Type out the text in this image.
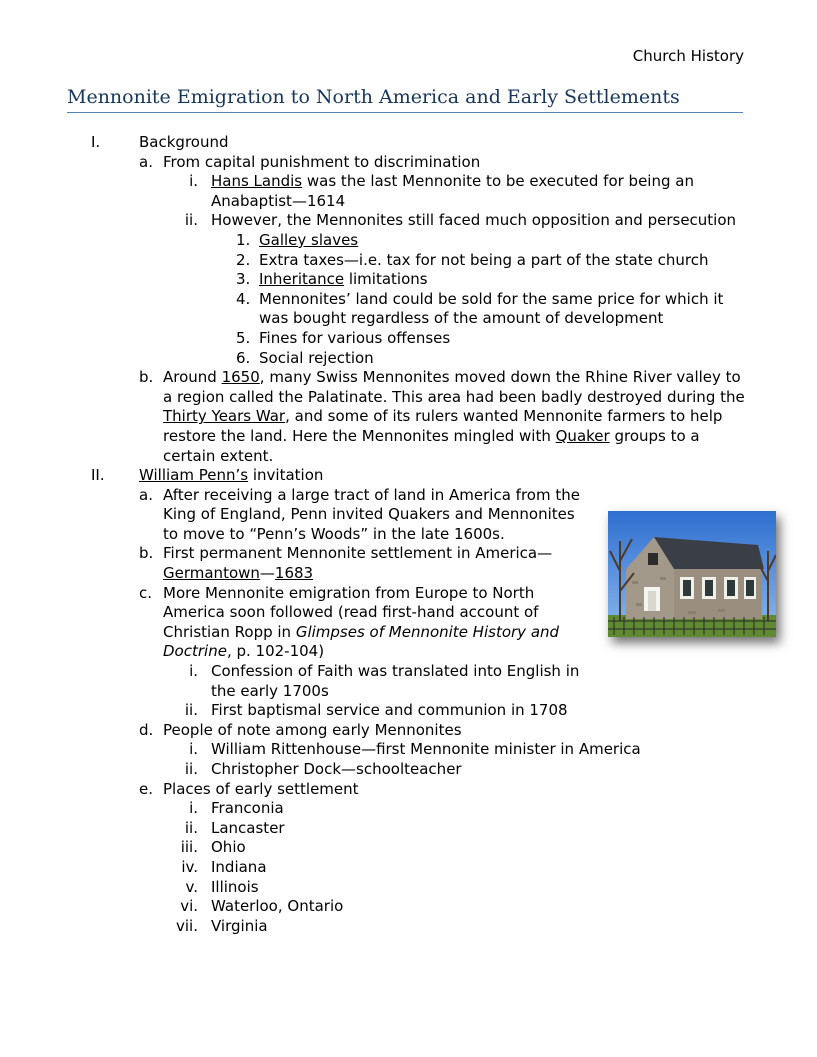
Church History
Mennonite Emigration to North America and Early Settlements
I.	Background
a. From capital punishment to discrimination
i. Hans Landis was the last Mennonite to be executed for being an Anabaptist—1614
ii. However, the Mennonites still faced much opposition and persecution
1. Galley slaves
2. Extra taxes—i.e. tax for not being a part of the state church
3. Inheritance limitations
4. Mennonites’ land could be sold for the same price for which it was bought regardless of the amount of development
5. Fines for various offenses
6. Social rejection
b. Around 1650, many Swiss Mennonites moved down the Rhine River valley to a region called the Palatinate. This area had been badly destroyed during the Thirty Years War, and some of its rulers wanted Mennonite farmers to help restore the land. Here the Mennonites mingled with Quaker groups to a certain extent.
II. William Penn’s invitation
a. After receiving a large tract of land in America from the King of England, Penn invited Quakers and Mennonites to move to “Penn’s Woods” in the late 1600s.
b. First permanent Mennonite settlement in America—Germantown—1683
c. More Mennonite emigration from Europe to North America soon followed (read first-hand account of Christian Ropp in Glimpses of Mennonite History and Doctrine, p. 102-104)
i. Confession of Faith was translated into English in the early 1700s
ii. First baptismal service and communion in 1708
d. People of note among early Mennonites
i. William Rittenhouse—first Mennonite minister in America
ii. Christopher Dock—schoolteacher
e. Places of early settlement
i. Franconia
ii. Lancaster
iii. Ohio
iv. Indiana
v. Illinois
vi. Waterloo, Ontario
vii. Virginia
